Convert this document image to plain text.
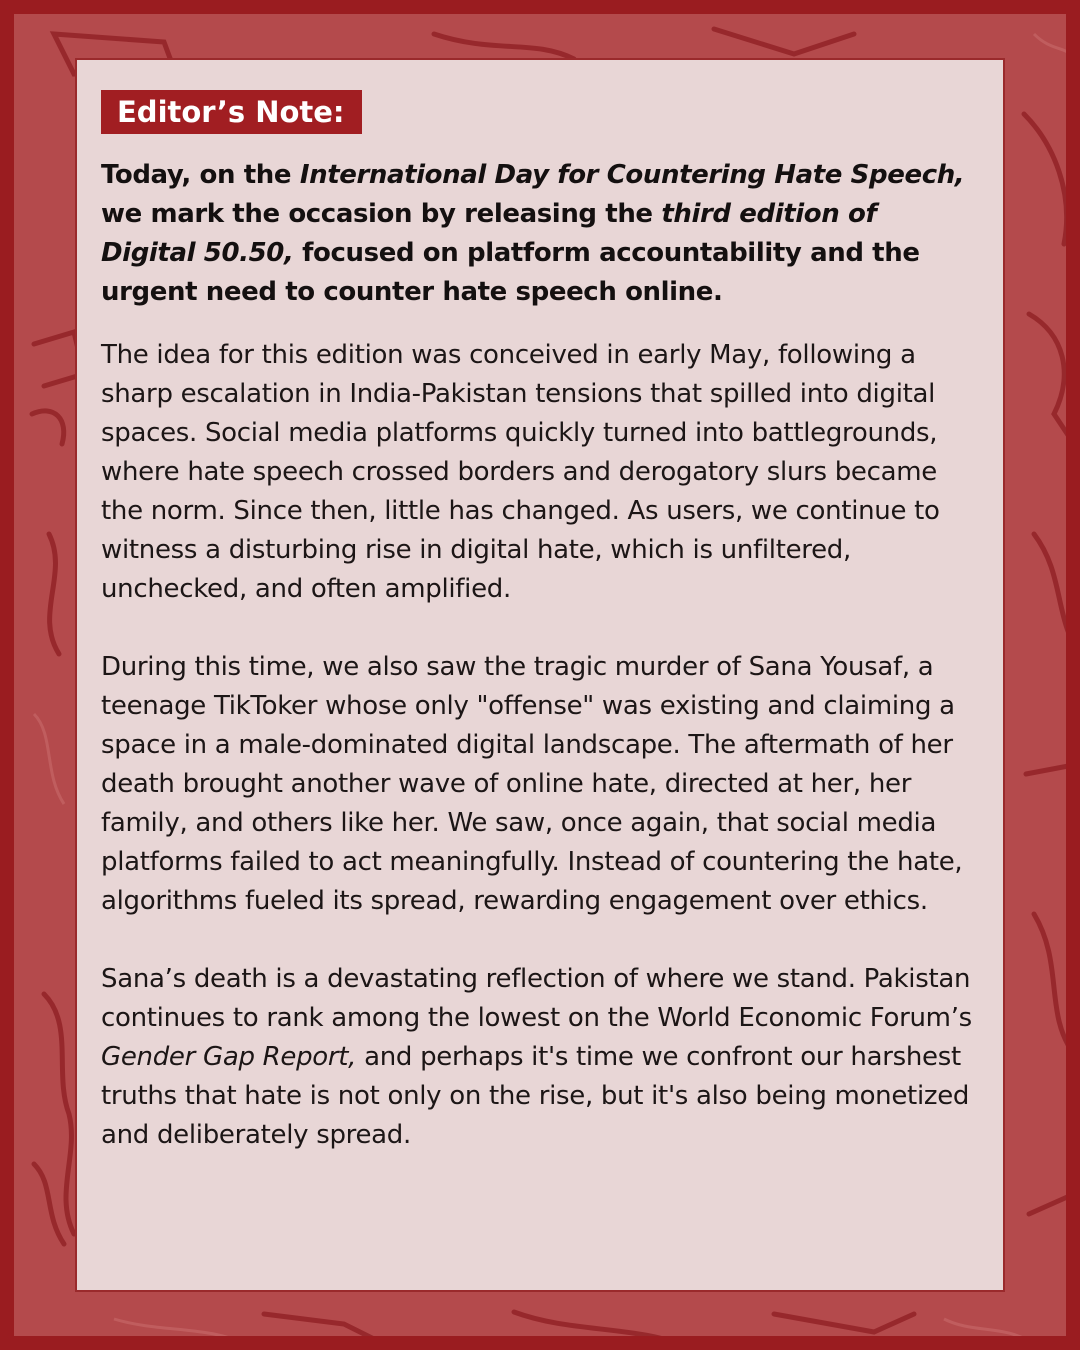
Editor’s Note:

Today, on the International Day for Countering Hate Speech, we mark the occasion by releasing the third edition of Digital 50.50, focused on platform accountability and the urgent need to counter hate speech online.

The idea for this edition was conceived in early May, following a sharp escalation in India-Pakistan tensions that spilled into digital spaces. Social media platforms quickly turned into battlegrounds, where hate speech crossed borders and derogatory slurs became the norm. Since then, little has changed. As users, we continue to witness a disturbing rise in digital hate, which is unfiltered, unchecked, and often amplified.

During this time, we also saw the tragic murder of Sana Yousaf, a teenage TikToker whose only "offense" was existing and claiming a space in a male-dominated digital landscape. The aftermath of her death brought another wave of online hate, directed at her, her family, and others like her. We saw, once again, that social media platforms failed to act meaningfully. Instead of countering the hate, algorithms fueled its spread, rewarding engagement over ethics.

Sana’s death is a devastating reflection of where we stand. Pakistan continues to rank among the lowest on the World Economic Forum’s Gender Gap Report, and perhaps it's time we confront our harshest truths that hate is not only on the rise, but it's also being monetized and deliberately spread.
